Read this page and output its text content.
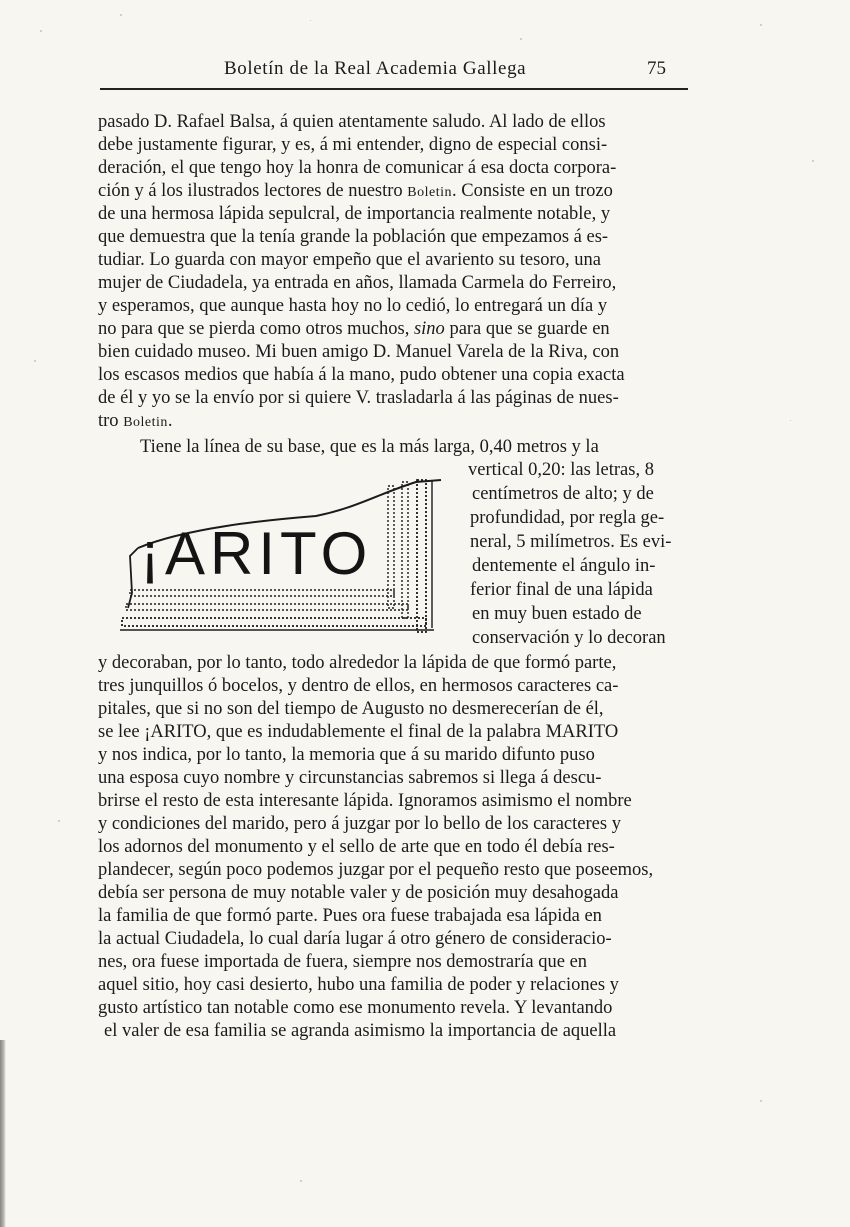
Boletín de la Real Academia Gallega	75
pasado D. Rafael Balsa, á quien atentamente saludo. Al lado de ellos
debe justamente figurar, y es, á mi entender, digno de especial consi-
deración, el que tengo hoy la honra de comunicar á esa docta corpora-
ción y á los ilustrados lectores de nuestro Boletin. Consiste en un trozo
de una hermosa lápida sepulcral, de importancia realmente notable, y
que demuestra que la tenía grande la población que empezamos á es-
tudiar. Lo guarda con mayor empeño que el avariento su tesoro, una
mujer de Ciudadela, ya entrada en años, llamada Carmela do Ferreiro,
y esperamos, que aunque hasta hoy no lo cedió, lo entregará un día y
no para que se pierda como otros muchos, sino para que se guarde en
bien cuidado museo. Mi buen amigo D. Manuel Varela de la Riva, con
los escasos medios que había á la mano, pudo obtener una copia exacta
de él y yo se la envío por si quiere V. trasladarla á las páginas de nues-
tro Boletin.
Tiene la línea de su base, que es la más larga, 0,40 metros y la
vertical 0,20: las letras, 8
centímetros de alto; y de
profundidad, por regla ge-
neral, 5 milímetros. Es evi-
dentemente el ángulo in-
ferior final de una lápida
en muy buen estado de
conservación y lo decoran
y decoraban, por lo tanto, todo alrededor la lápida de que formó parte,
tres junquillos ó bocelos, y dentro de ellos, en hermosos caracteres ca-
pitales, que si no son del tiempo de Augusto no desmerecerían de él,
se lee ¡ARITO, que es indudablemente el final de la palabra MARITO
y nos indica, por lo tanto, la memoria que á su marido difunto puso
una esposa cuyo nombre y circunstancias sabremos si llega á descu-
brirse el resto de esta interesante lápida. Ignoramos asimismo el nombre
y condiciones del marido, pero á juzgar por lo bello de los caracteres y
los adornos del monumento y el sello de arte que en todo él debía res-
plandecer, según poco podemos juzgar por el pequeño resto que poseemos,
debía ser persona de muy notable valer y de posición muy desahogada
la familia de que formó parte. Pues ora fuese trabajada esa lápida en
la actual Ciudadela, lo cual daría lugar á otro género de consideracio-
nes, ora fuese importada de fuera, siempre nos demostraría que en
aquel sitio, hoy casi desierto, hubo una familia de poder y relaciones y
gusto artístico tan notable como ese monumento revela. Y levantando
el valer de esa familia se agranda asimismo la importancia de aquella
¡ARITO
